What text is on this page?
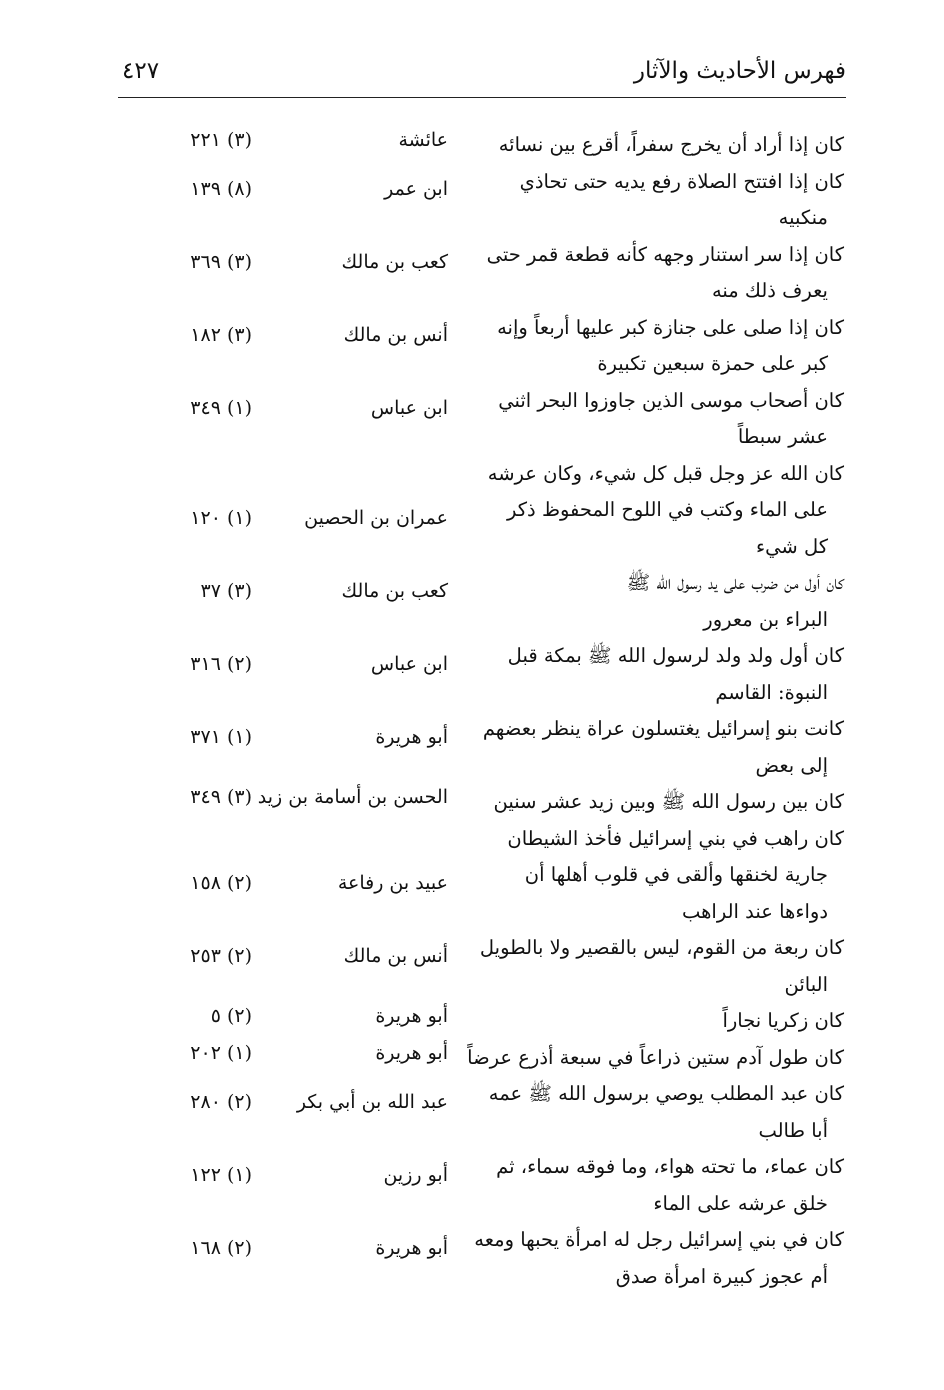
فهرس الأحاديث والآثار
٤٢٧
كان إذا أراد أن يخرج سفراً، أقرع بين نسائه
عائشة
(٣) ٢٢١
كان إذا افتتح الصلاة رفع يديه حتى تحاذي
منكبيه
ابن عمر
(٨) ١٣٩
كان إذا سر استنار وجهه كأنه قطعة قمر حتى
يعرف ذلك منه
كعب بن مالك
(٣) ٣٦٩
كان إذا صلى على جنازة كبر عليها أربعاً وإنه
كبر على حمزة سبعين تكبيرة
أنس بن مالك
(٣) ١٨٢
كان أصحاب موسى الذين جاوزوا البحر اثني
عشر سبطاً
ابن عباس
(١) ٣٤٩
كان الله عز وجل قبل كل شيء، وكان عرشه
على الماء وكتب في اللوح المحفوظ ذكر
كل شيء
عمران بن الحصين
(١) ١٢٠
كان أول من ضرب على يد رسول الله ﷺ
البراء بن معرور
كعب بن مالك
(٣) ٣٧
كان أول ولد ولد لرسول الله ﷺ بمكة قبل
النبوة: القاسم
ابن عباس
(٢) ٣١٦
كانت بنو إسرائيل يغتسلون عراة ينظر بعضهم
إلى بعض
أبو هريرة
(١) ٣٧١
كان بين رسول الله ﷺ وبين زيد عشر سنين
الحسن بن أسامة بن زيد
(٣) ٣٤٩
كان راهب في بني إسرائيل فأخذ الشيطان
جارية لخنقها وألقى في قلوب أهلها أن
دواءها عند الراهب
عبيد بن رفاعة
(٢) ١٥٨
كان ربعة من القوم، ليس بالقصير ولا بالطويل
البائن
أنس بن مالك
(٢) ٢٥٣
كان زكريا نجاراً
أبو هريرة
(٢) ٥
كان طول آدم ستين ذراعاً في سبعة أذرع عرضاً
أبو هريرة
(١) ٢٠٢
كان عبد المطلب يوصي برسول الله ﷺ عمه
أبا طالب
عبد الله بن أبي بكر
(٢) ٢٨٠
كان عماء، ما تحته هواء، وما فوقه سماء، ثم
خلق عرشه على الماء
أبو رزين
(١) ١٢٢
كان في بني إسرائيل رجل له امرأة يحبها ومعه
أم عجوز كبيرة امرأة صدق
أبو هريرة
(٢) ١٦٨
